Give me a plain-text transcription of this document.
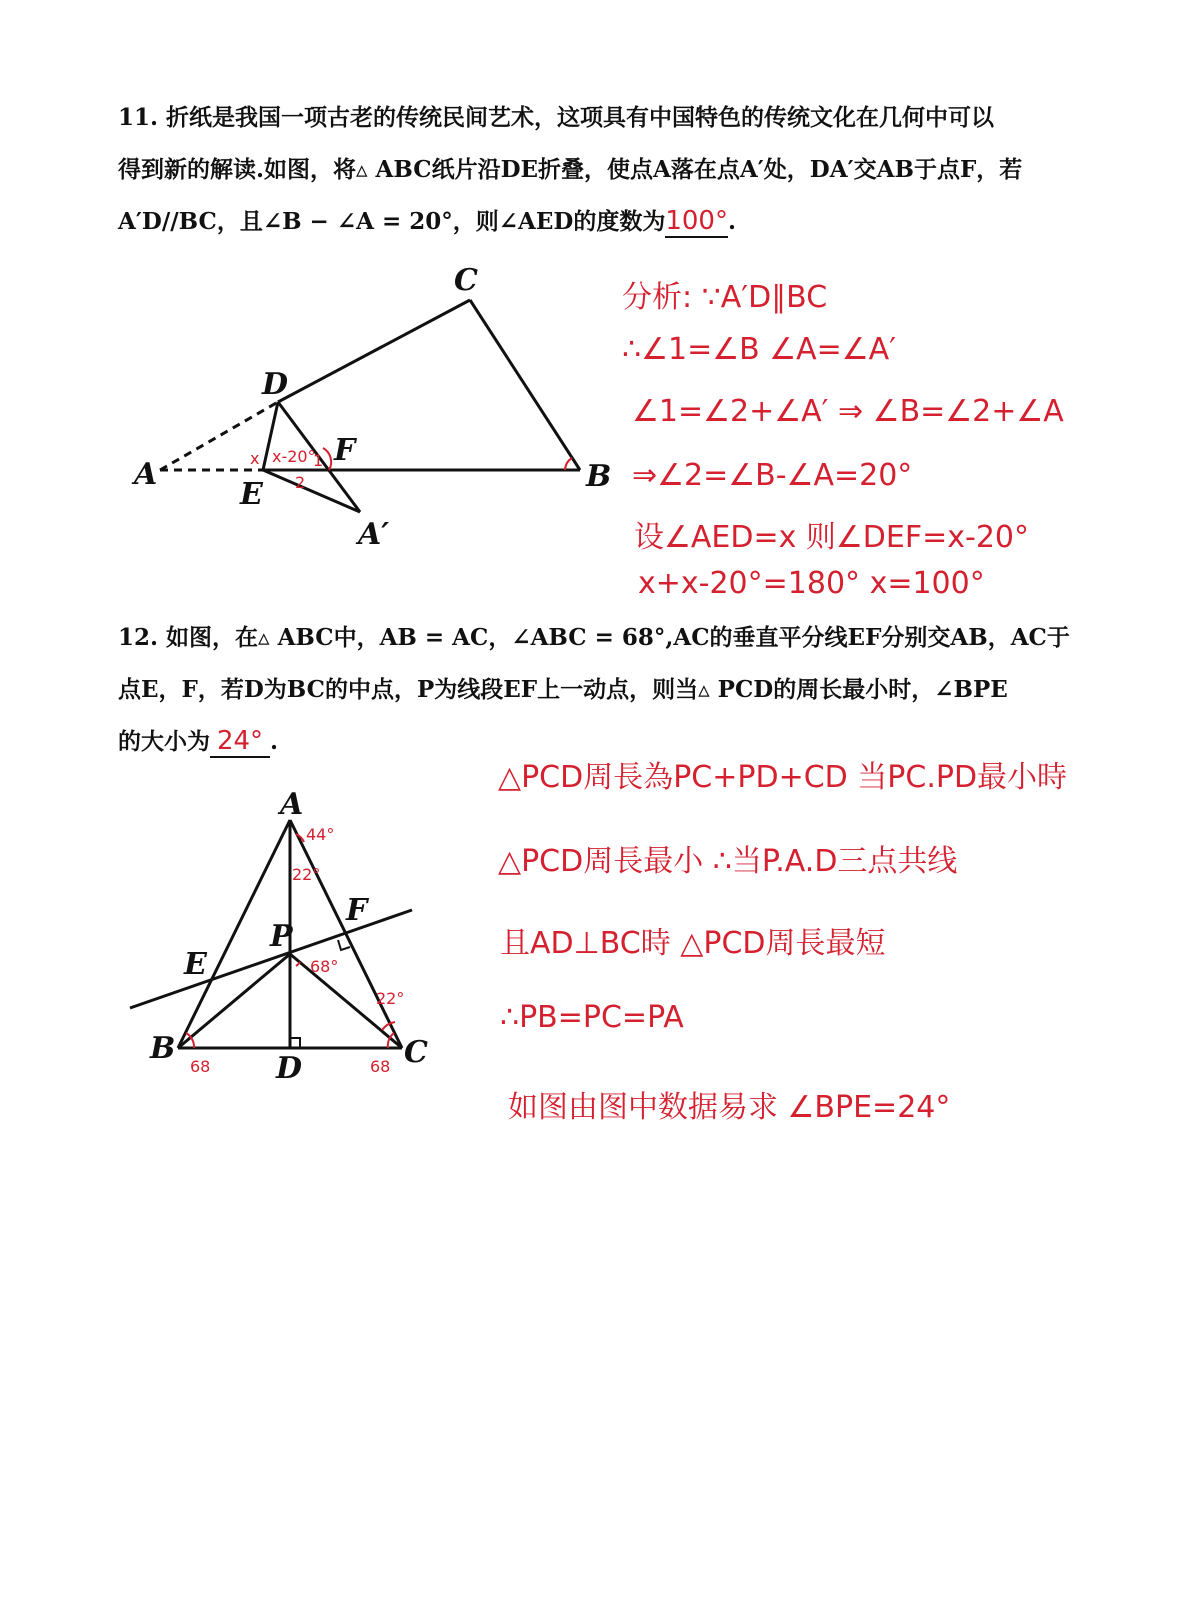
11. 折纸是我国一项古老的传统民间艺术，这项具有中国特色的传统文化在几何中可以
得到新的解读.如图，将▵ ABC纸片沿DE折叠，使点A落在点A′处，DA′交AB于点F，若
A′D//BC，且∠B − ∠A = 20°，则∠AED的度数为100°.
A	B
C
D
E
F
A′
x x-20°
1
2
分析: ∵A′D∥BC
∴∠1=∠B ∠A=∠A′
∠1=∠2+∠A′ ⇒ ∠B=∠2+∠A
⇒∠2=∠B-∠A=20°
设∠AED=x 则∠DEF=x-20°
x+x-20°=180° x=100°
12. 如图，在▵ ABC中，AB = AC，∠ABC = 68°,AC的垂直平分线EF分别交AB，AC于
点E，F，若D为BC的中点，P为线段EF上一动点，则当▵ PCD的周长最小时，∠BPE
的大小为 24° .
A
B	C
D
E
F
P
44°
22°
68°
22°
68	68
△PCD周長為PC+PD+CD 当PC.PD最小時
△PCD周長最小 ∴当P.A.D三点共线
且AD⊥BC時 △PCD周長最短
∴PB=PC=PA
如图由图中数据易求 ∠BPE=24°
